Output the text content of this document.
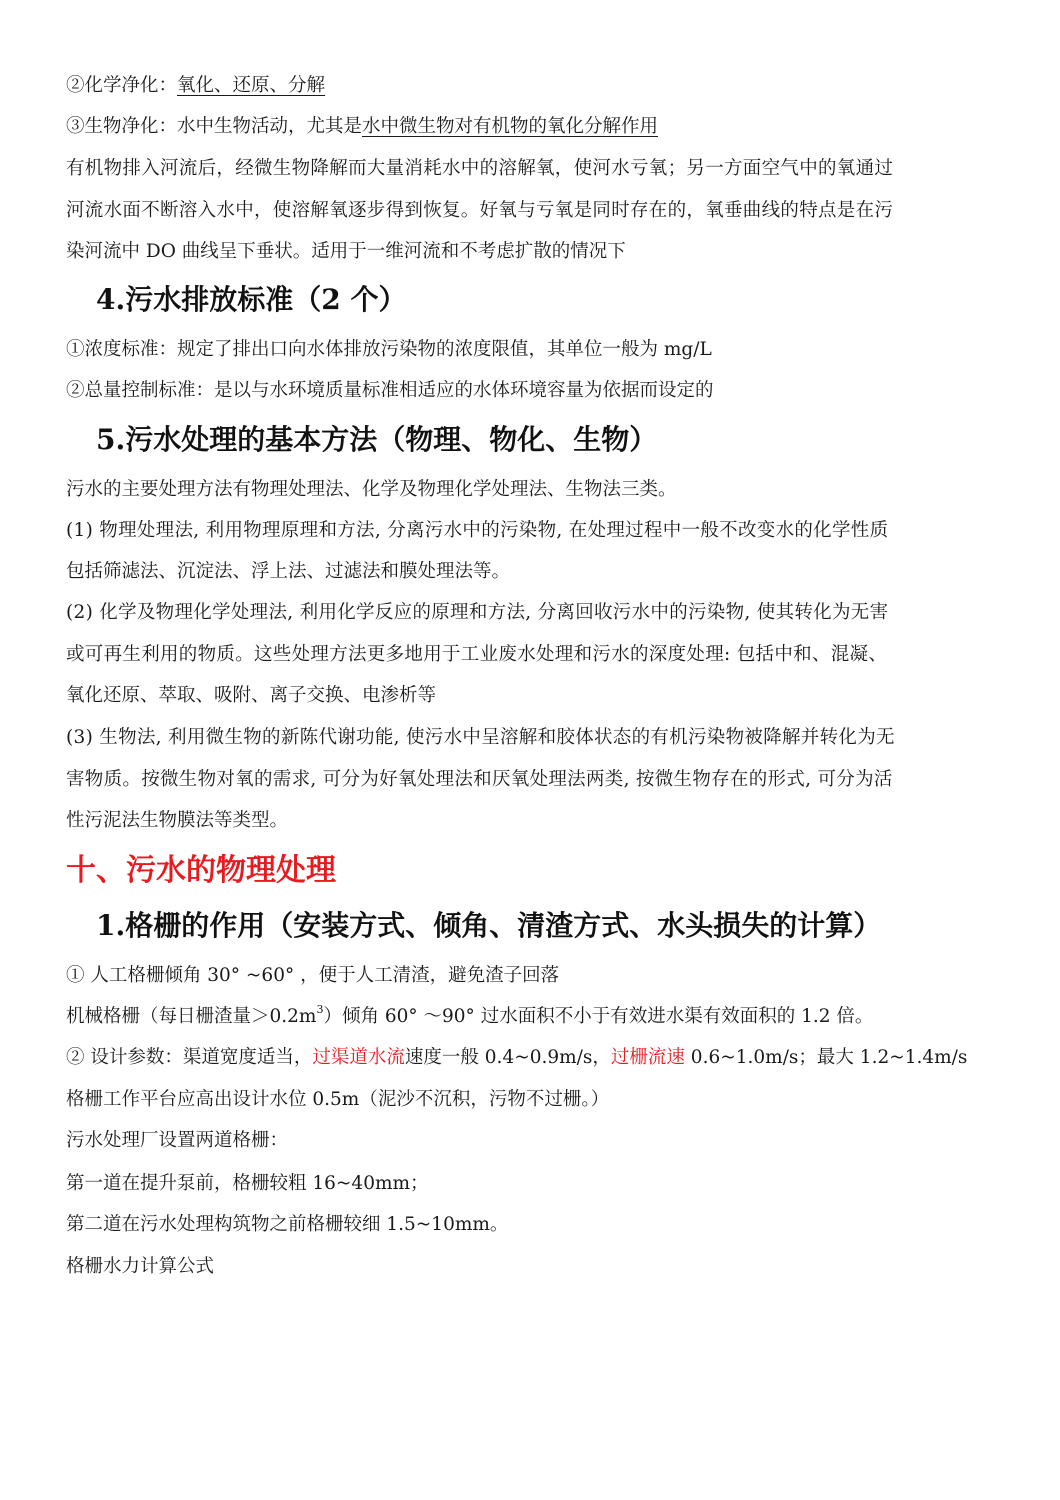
②化学净化：氧化、还原、分解
③生物净化：水中生物活动，尤其是水中微生物对有机物的氧化分解作用
有机物排入河流后，经微生物降解而大量消耗水中的溶解氧，使河水亏氧；另一方面空气中的氧通过
河流水面不断溶入水中，使溶解氧逐步得到恢复。好氧与亏氧是同时存在的，氧垂曲线的特点是在污
染河流中 DO 曲线呈下垂状。适用于一维河流和不考虑扩散的情况下
4.污水排放标准（2 个）
①浓度标准：规定了排出口向水体排放污染物的浓度限值，其单位一般为 mg/L
②总量控制标准：是以与水环境质量标准相适应的水体环境容量为依据而设定的
5.污水处理的基本方法（物理、物化、生物）
污水的主要处理方法有物理处理法、化学及物理化学处理法、生物法三类。
(1) 物理处理法, 利用物理原理和方法, 分离污水中的污染物, 在处理过程中一般不改变水的化学性质
包括筛滤法、沉淀法、浮上法、过滤法和膜处理法等。
(2) 化学及物理化学处理法, 利用化学反应的原理和方法, 分离回收污水中的污染物, 使其转化为无害
或可再生利用的物质。这些处理方法更多地用于工业废水处理和污水的深度处理: 包括中和、混凝、
氧化还原、萃取、吸附、离子交换、电渗析等
(3) 生物法, 利用微生物的新陈代谢功能, 使污水中呈溶解和胶体状态的有机污染物被降解并转化为无
害物质。按微生物对氧的需求, 可分为好氧处理法和厌氧处理法两类, 按微生物存在的形式, 可分为活
性污泥法生物膜法等类型。
十、污水的物理处理
1.格栅的作用（安装方式、倾角、清渣方式、水头损失的计算）
① 人工格栅倾角 30° ~60° ，便于人工清渣，避免渣子回落
机械格栅（每日栅渣量$>0.2m^3$）倾角 60° ～90° 过水面积不小于有效进水渠有效面积的 1.2 倍。
② 设计参数：渠道宽度适当，过渠道水流速度一般 0.4~0.9m/s，过栅流速 0.6~1.0m/s；最大 1.2~1.4m/s
格栅工作平台应高出设计水位 0.5m（泥沙不沉积，污物不过栅。）
污水处理厂设置两道格栅：
第一道在提升泵前，格栅较粗 16~40mm；
第二道在污水处理构筑物之前格栅较细 1.5~10mm。
格栅水力计算公式
